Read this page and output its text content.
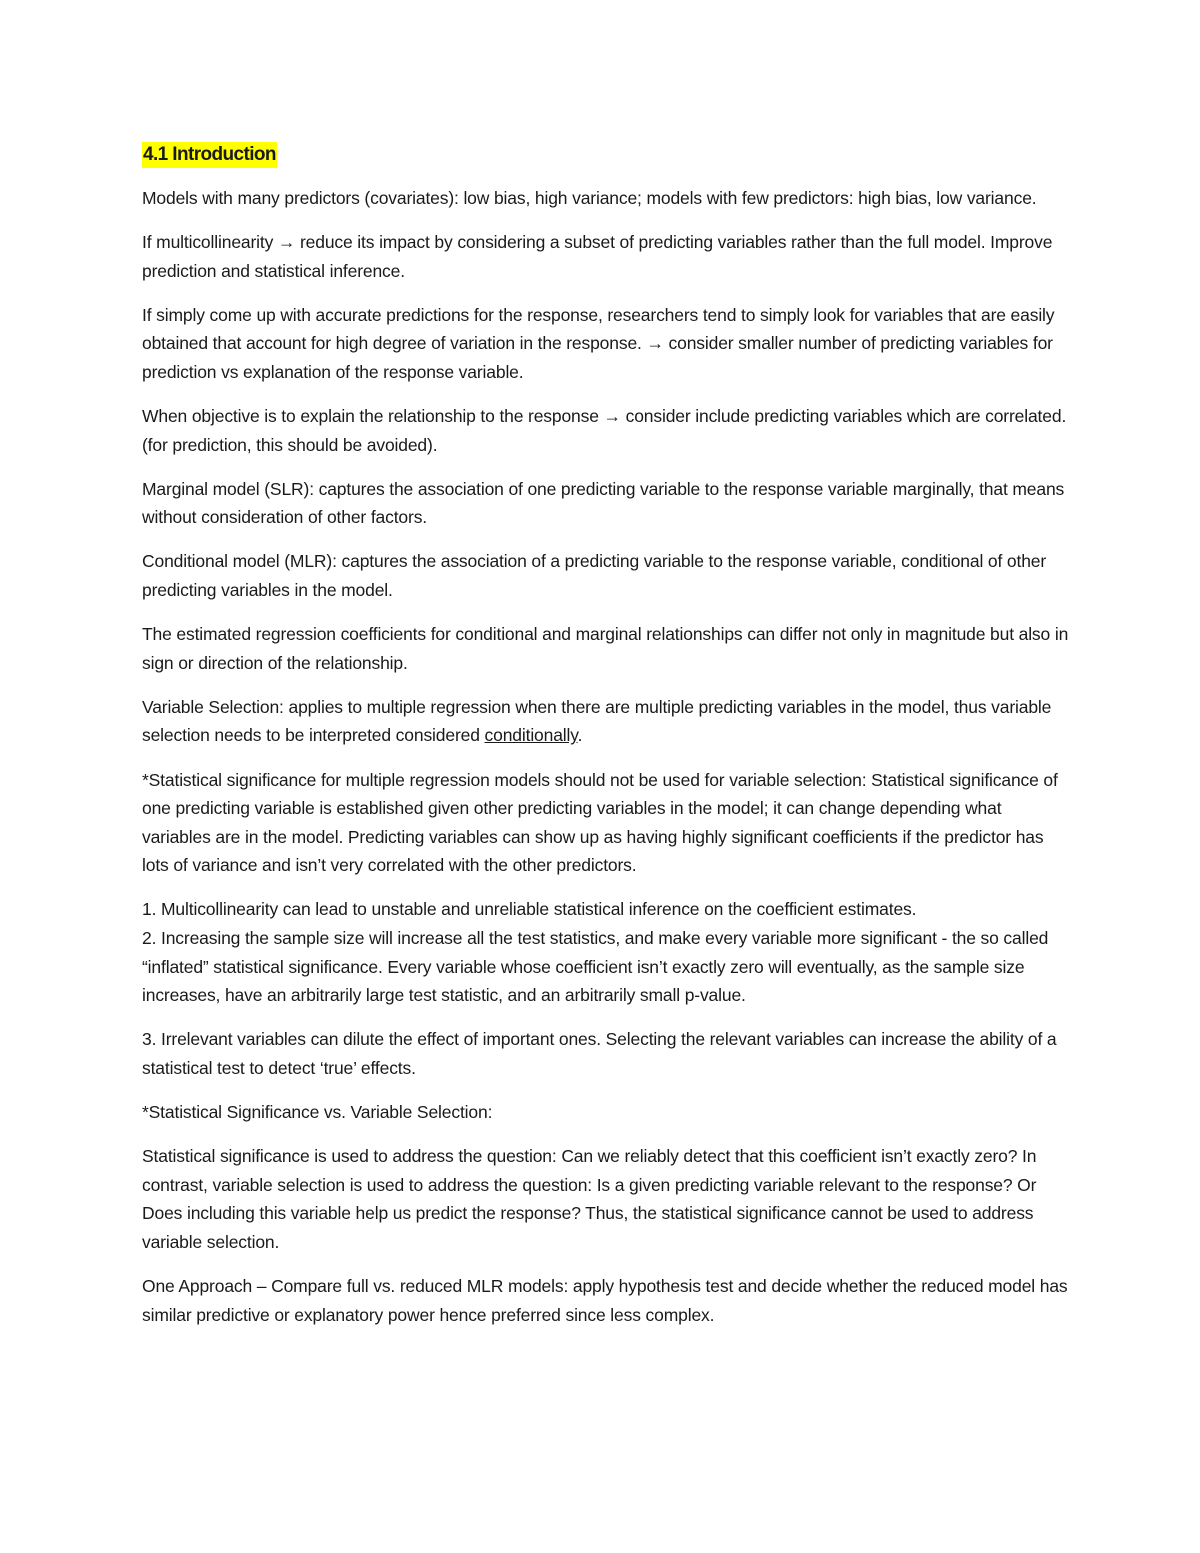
4.1 Introduction

Models with many predictors (covariates): low bias, high variance; models with few predictors: high bias, low variance.

If multicollinearity → reduce its impact by considering a subset of predicting variables rather than the full model. Improve prediction and statistical inference.

If simply come up with accurate predictions for the response, researchers tend to simply look for variables that are easily obtained that account for high degree of variation in the response. → consider smaller number of predicting variables for prediction vs explanation of the response variable.

When objective is to explain the relationship to the response → consider include predicting variables which are correlated. (for prediction, this should be avoided).

Marginal model (SLR): captures the association of one predicting variable to the response variable marginally, that means without consideration of other factors.

Conditional model (MLR): captures the association of a predicting variable to the response variable, conditional of other predicting variables in the model.

The estimated regression coefficients for conditional and marginal relationships can differ not only in magnitude but also in sign or direction of the relationship.

Variable Selection: applies to multiple regression when there are multiple predicting variables in the model, thus variable selection needs to be interpreted considered conditionally.

*Statistical significance for multiple regression models should not be used for variable selection: Statistical significance of one predicting variable is established given other predicting variables in the model; it can change depending what variables are in the model. Predicting variables can show up as having highly significant coefficients if the predictor has lots of variance and isn’t very correlated with the other predictors.

1. Multicollinearity can lead to unstable and unreliable statistical inference on the coefficient estimates.

2. Increasing the sample size will increase all the test statistics, and make every variable more significant - the so called “inflated” statistical significance. Every variable whose coefficient isn’t exactly zero will eventually, as the sample size increases, have an arbitrarily large test statistic, and an arbitrarily small p-value.

3. Irrelevant variables can dilute the effect of important ones. Selecting the relevant variables can increase the ability of a statistical test to detect ‘true’ effects.

*Statistical Significance vs. Variable Selection:

Statistical significance is used to address the question: Can we reliably detect that this coefficient isn’t exactly zero? In contrast, variable selection is used to address the question: Is a given predicting variable relevant to the response? Or Does including this variable help us predict the response? Thus, the statistical significance cannot be used to address variable selection.

One Approach – Compare full vs. reduced MLR models: apply hypothesis test and decide whether the reduced model has similar predictive or explanatory power hence preferred since less complex.
